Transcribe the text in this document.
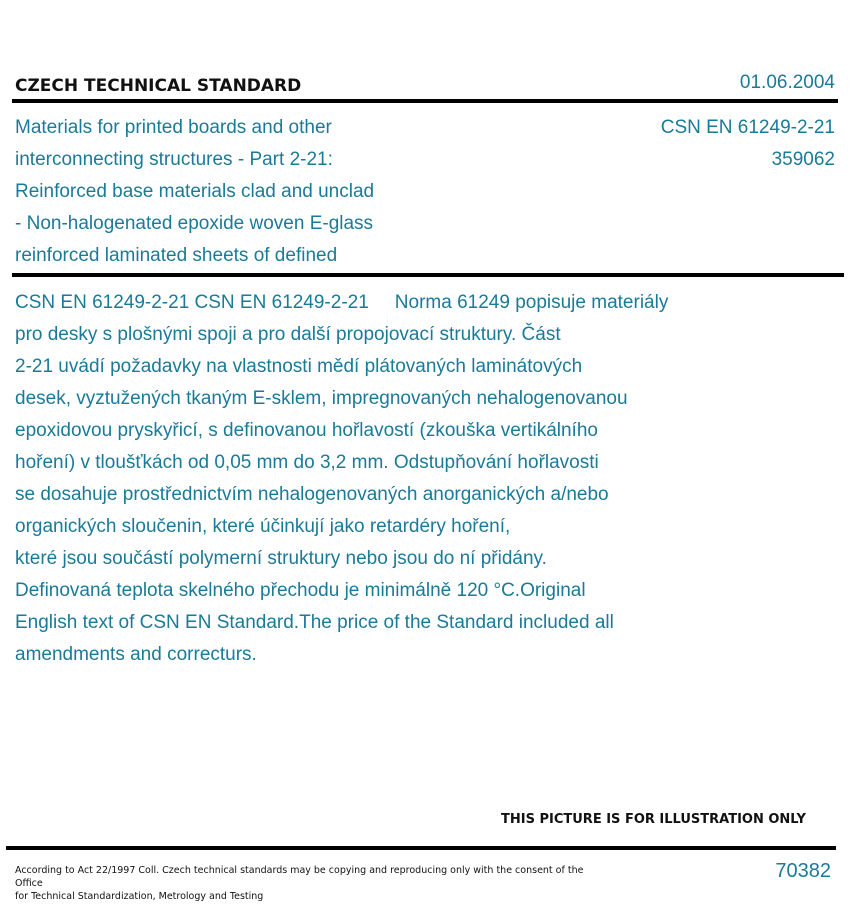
CZECH TECHNICAL STANDARD	01.06.2004
Materials for printed boards and other
interconnecting structures - Part 2-21:
Reinforced base materials clad and unclad
- Non-halogenated epoxide woven E-glass
reinforced laminated sheets of defined
CSN EN 61249-2-21
359062
CSN EN 61249-2-21 CSN EN 61249-2-21 Norma 61249 popisuje materiály
pro desky s plošnými spoji a pro další propojovací struktury. Část
2-21 uvádí požadavky na vlastnosti mědí plátovaných laminátových
desek, vyztužených tkaným E-sklem, impregnovaných nehalogenovanou
epoxidovou pryskyřicí, s definovanou hořlavostí (zkouška vertikálního
hoření) v tloušťkách od 0,05 mm do 3,2 mm. Odstupňování hořlavosti
se dosahuje prostřednictvím nehalogenovaných anorganických a/nebo
organických sloučenin, které účinkují jako retardéry hoření,
které jsou součástí polymerní struktury nebo jsou do ní přidány.
Definovaná teplota skelného přechodu je minimálně 120 °C.Original
English text of CSN EN Standard.The price of the Standard included all
amendments and correcturs.
THIS PICTURE IS FOR ILLUSTRATION ONLY
According to Act 22/1997 Coll. Czech technical standards may be copying and reproducing only with the consent of the Office
for Technical Standardization, Metrology and Testing
70382
